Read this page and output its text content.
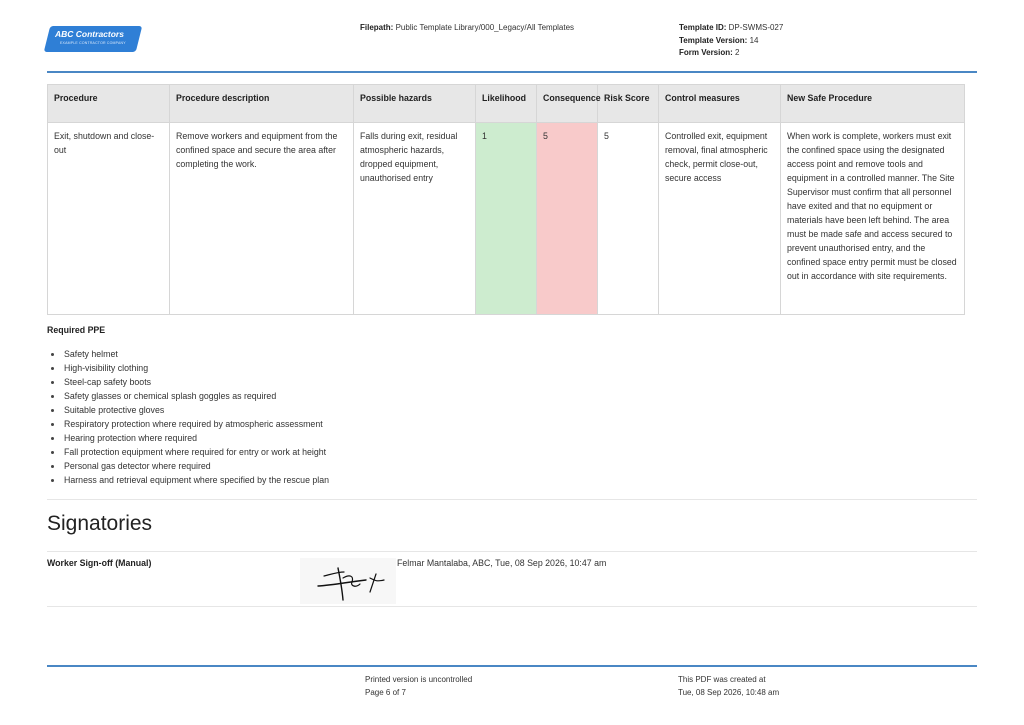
ABC Contractors
EXAMPLE CONTRACTOR COMPANY
Filepath: Public Template Library/000_Legacy/All Templates	Template ID: DP-SWMS-027
Template Version: 14
Form Version: 2
Procedure	Procedure description	Possible hazards	Likelihood	Consequence	Risk Score	Control measures	New Safe Procedure
Exit, shutdown and close-out	Remove workers and equipment from the confined space and secure the area after completing the work.	Falls during exit, residual atmospheric hazards, dropped equipment, unauthorised entry	1	5	5	Controlled exit, equipment removal, final atmospheric check, permit close-out, secure access	When work is complete, workers must exit the confined space using the designated access point and remove tools and equipment in a controlled manner. The Site Supervisor must confirm that all personnel have exited and that no equipment or materials have been left behind. The area must be made safe and access secured to prevent unauthorised entry, and the confined space entry permit must be closed out in accordance with site requirements.
Required PPE
Safety helmet
High-visibility clothing
Steel-cap safety boots
Safety glasses or chemical splash goggles as required
Suitable protective gloves
Respiratory protection where required by atmospheric assessment
Hearing protection where required
Fall protection equipment where required for entry or work at height
Personal gas detector where required
Harness and retrieval equipment where specified by the rescue plan
Signatories
Worker Sign-off (Manual)	Felmar Mantalaba, ABC, Tue, 08 Sep 2026, 10:47 am
Printed version is uncontrolled
Page 6 of 7
This PDF was created at
Tue, 08 Sep 2026, 10:48 am
